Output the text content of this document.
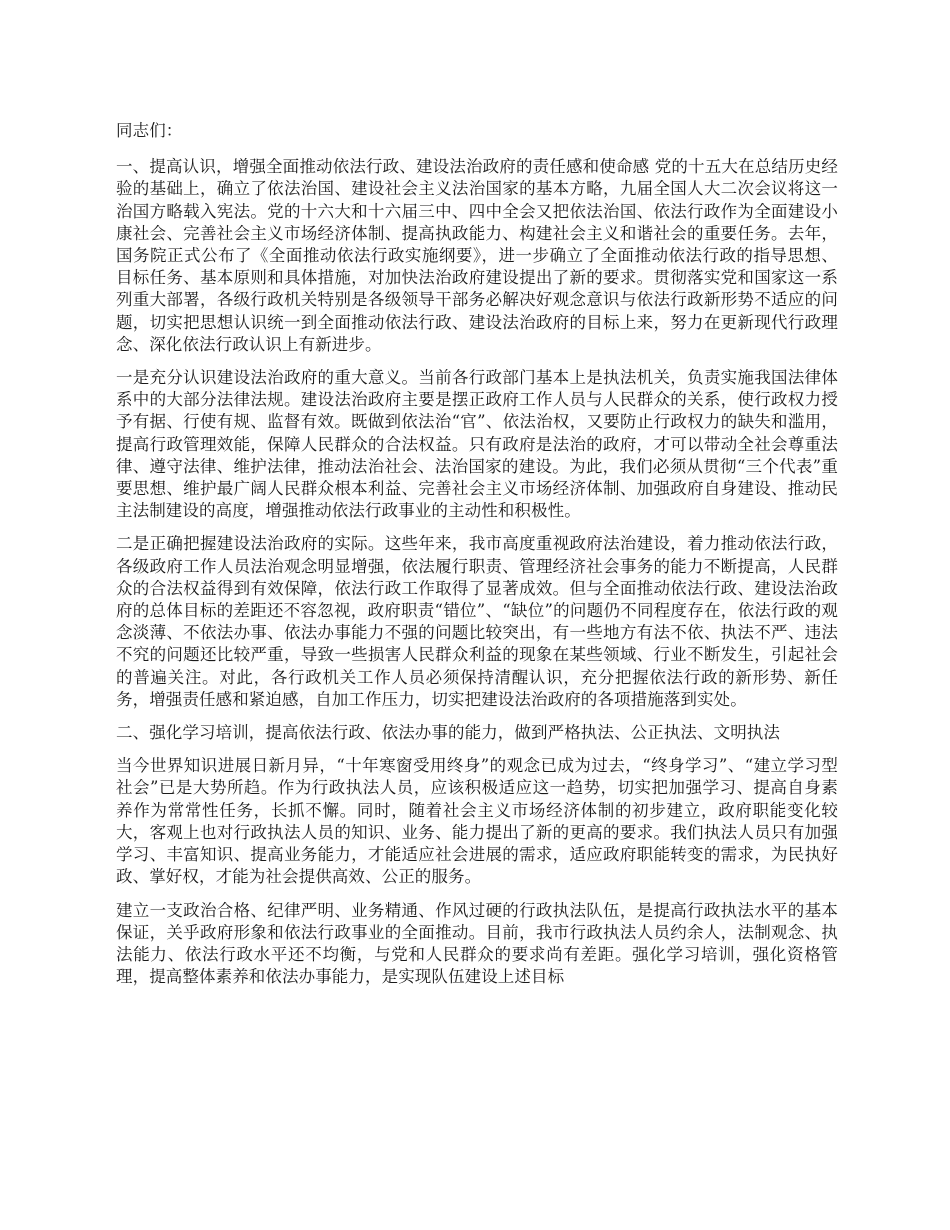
同志们：

一、提高认识，增强全面推动依法行政、建设法治政府的责任感和使命感 党的十五大在总结历史经验的基础上，确立了依法治国、建设社会主义法治国家的基本方略，九届全国人大二次会议将这一治国方略载入宪法。党的十六大和十六届三中、四中全会又把依法治国、依法行政作为全面建设小康社会、完善社会主义市场经济体制、提高执政能力、构建社会主义和谐社会的重要任务。去年，国务院正式公布了《全面推动依法行政实施纲要》，进一步确立了全面推动依法行政的指导思想、目标任务、基本原则和具体措施，对加快法治政府建设提出了新的要求。贯彻落实党和国家这一系列重大部署，各级行政机关特别是各级领导干部务必解决好观念意识与依法行政新形势不适应的问题，切实把思想认识统一到全面推动依法行政、建设法治政府的目标上来，努力在更新现代行政理念、深化依法行政认识上有新进步。

一是充分认识建设法治政府的重大意义。当前各行政部门基本上是执法机关，负责实施我国法律体系中的大部分法律法规。建设法治政府主要是摆正政府工作人员与人民群众的关系，使行政权力授予有据、行使有规、监督有效。既做到依法治“官”、依法治权，又要防止行政权力的缺失和滥用，提高行政管理效能，保障人民群众的合法权益。只有政府是法治的政府，才可以带动全社会尊重法律、遵守法律、维护法律，推动法治社会、法治国家的建设。为此，我们必须从贯彻“三个代表”重要思想、维护最广阔人民群众根本利益、完善社会主义市场经济体制、加强政府自身建设、推动民主法制建设的高度，增强推动依法行政事业的主动性和积极性。

二是正确把握建设法治政府的实际。这些年来，我市高度重视政府法治建设，着力推动依法行政，各级政府工作人员法治观念明显增强，依法履行职责、管理经济社会事务的能力不断提高，人民群众的合法权益得到有效保障，依法行政工作取得了显著成效。但与全面推动依法行政、建设法治政府的总体目标的差距还不容忽视，政府职责“错位”、“缺位”的问题仍不同程度存在，依法行政的观念淡薄、不依法办事、依法办事能力不强的问题比较突出，有一些地方有法不依、执法不严、违法不究的问题还比较严重，导致一些损害人民群众利益的现象在某些领域、行业不断发生，引起社会的普遍关注。对此，各行政机关工作人员必须保持清醒认识，充分把握依法行政的新形势、新任务，增强责任感和紧迫感，自加工作压力，切实把建设法治政府的各项措施落到实处。

二、强化学习培训，提高依法行政、依法办事的能力，做到严格执法、公正执法、文明执法

当今世界知识进展日新月异，“十年寒窗受用终身”的观念已成为过去，“终身学习”、“建立学习型社会”已是大势所趋。作为行政执法人员，应该积极适应这一趋势，切实把加强学习、提高自身素养作为常常性任务，长抓不懈。同时，随着社会主义市场经济体制的初步建立，政府职能变化较大，客观上也对行政执法人员的知识、业务、能力提出了新的更高的要求。我们执法人员只有加强学习、丰富知识、提高业务能力，才能适应社会进展的需求，适应政府职能转变的需求，为民执好政、掌好权，才能为社会提供高效、公正的服务。

建立一支政治合格、纪律严明、业务精通、作风过硬的行政执法队伍，是提高行政执法水平的基本保证，关乎政府形象和依法行政事业的全面推动。目前，我市行政执法人员约余人，法制观念、执法能力、依法行政水平还不均衡，与党和人民群众的要求尚有差距。强化学习培训，强化资格管理，提高整体素养和依法办事能力，是实现队伍建设上述目标
